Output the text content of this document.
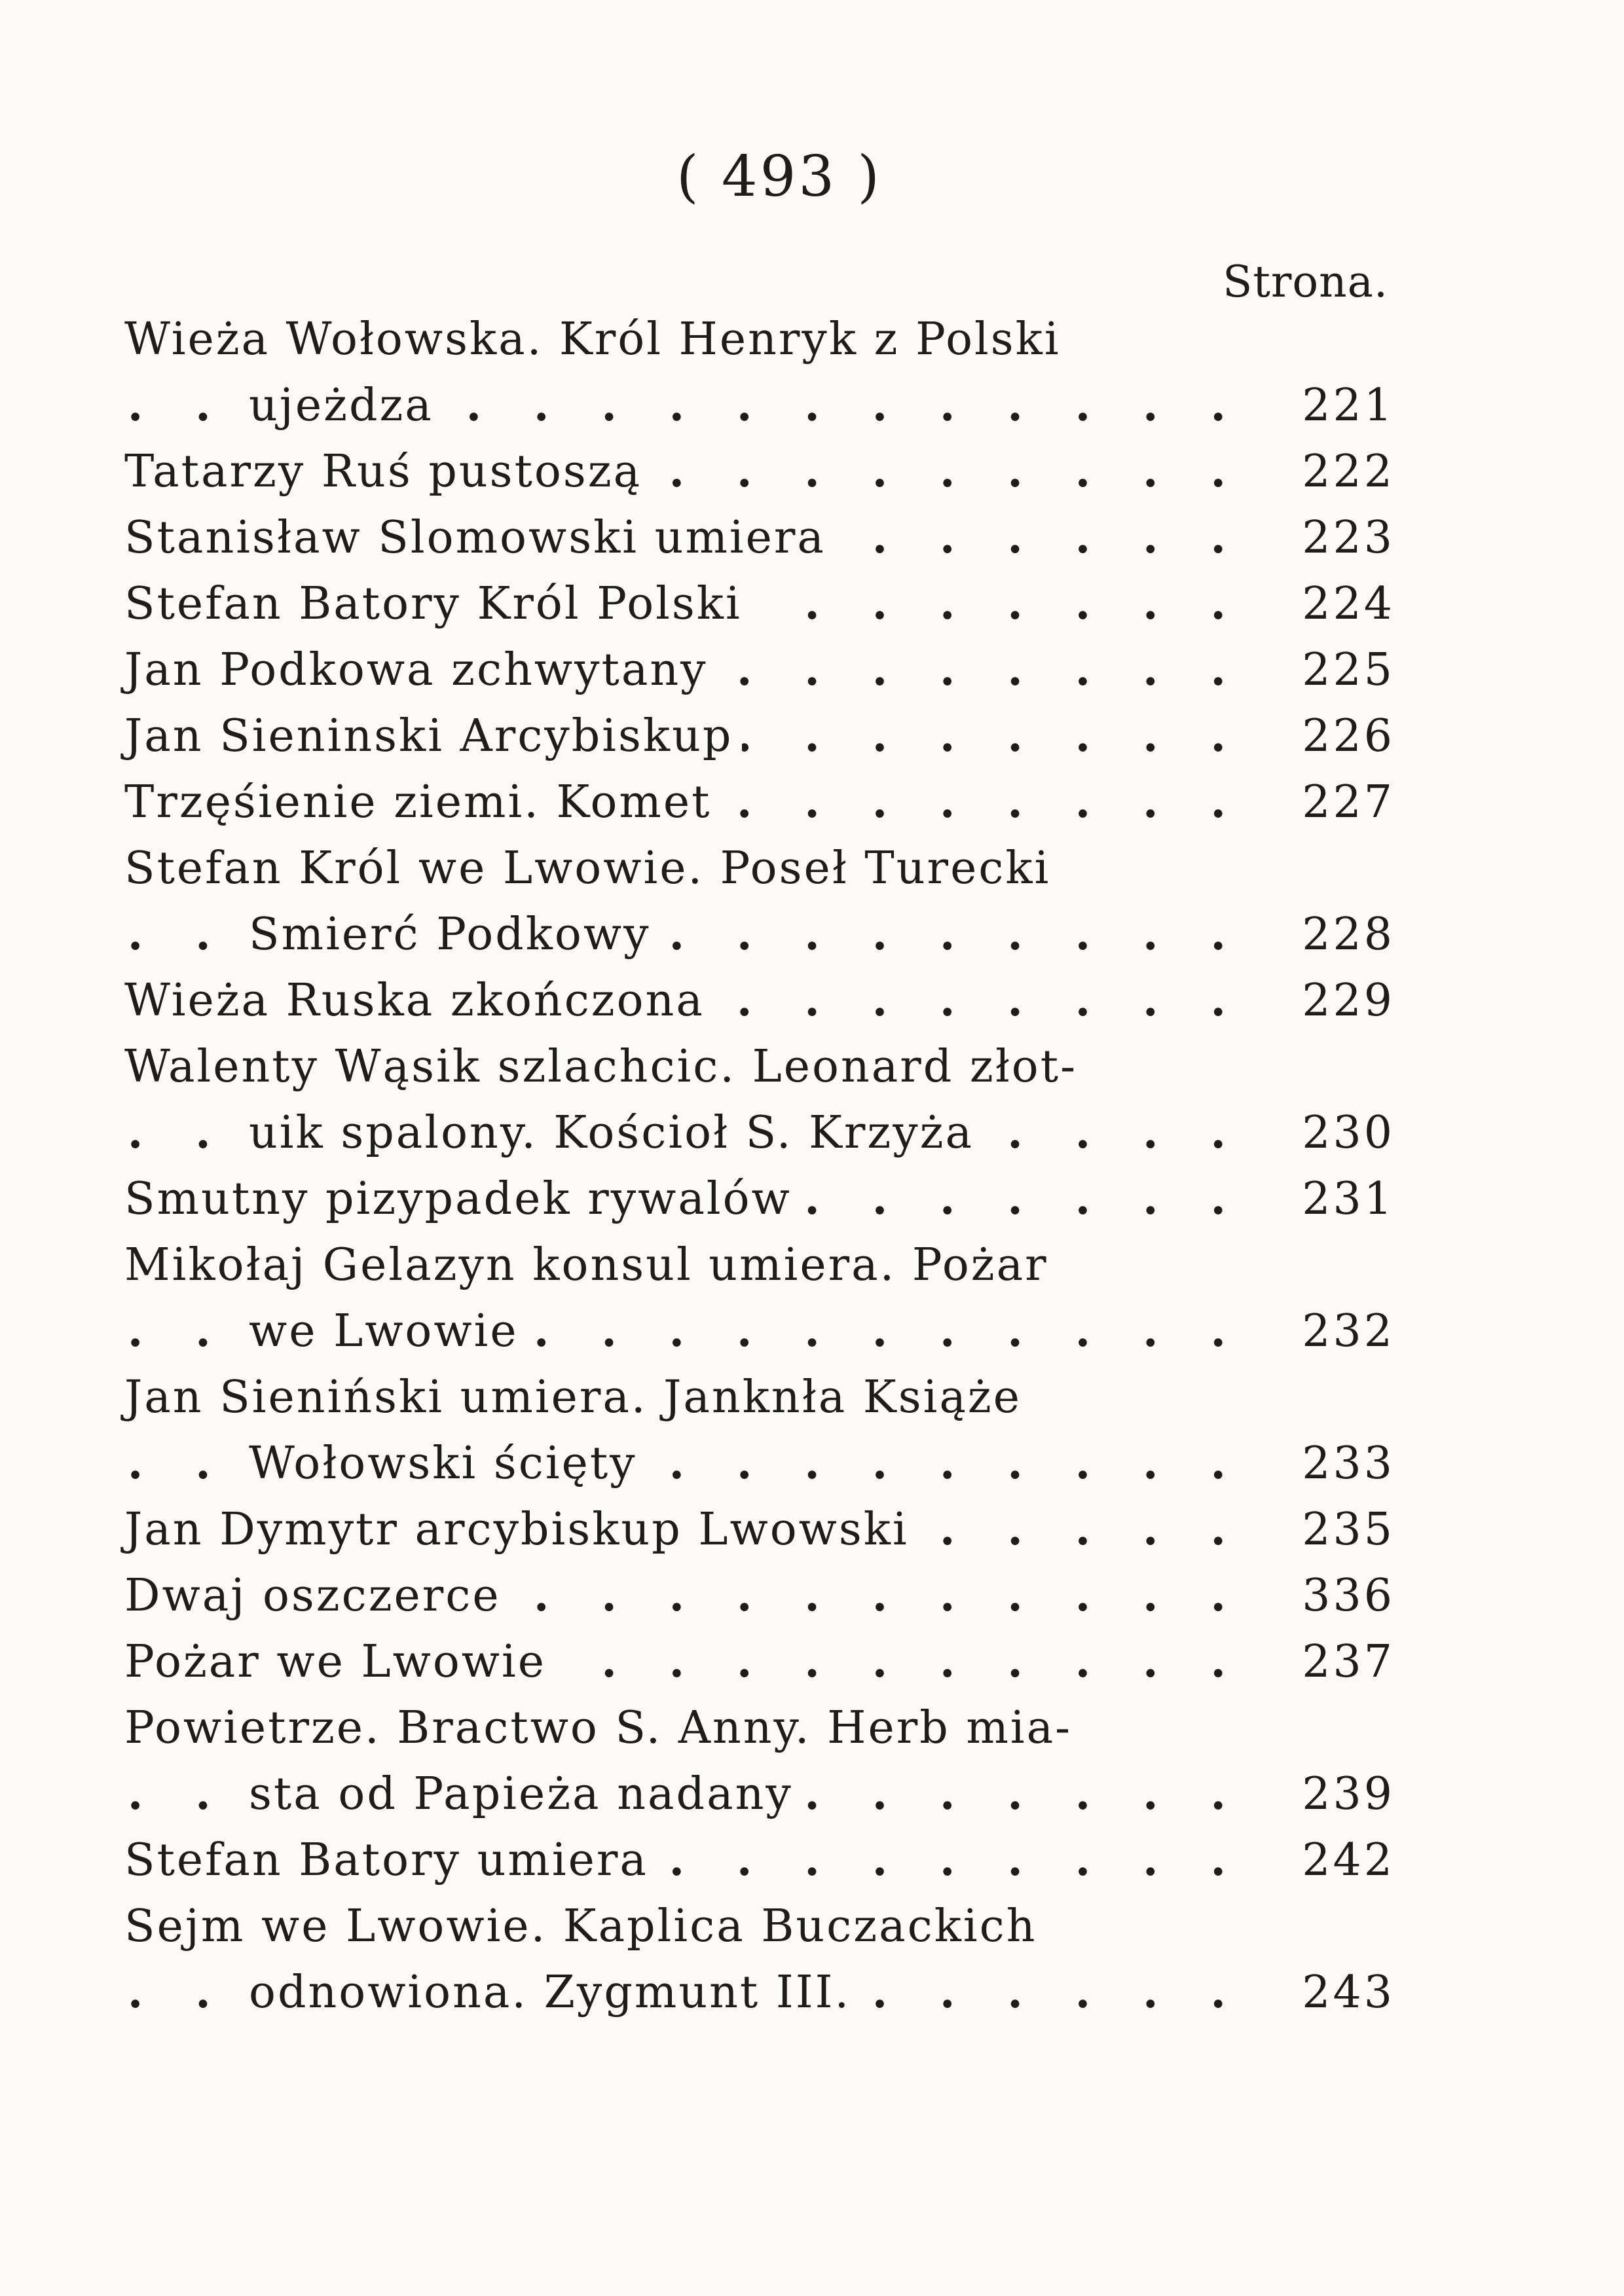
( 493 )
Strona.
Wieża Wołowska. Król Henryk z Polski
. . .
ujeżdza	221
. . .
Tatarzy Ruś pustoszą	222
. . .
Stanisław Slomowski umiera	223
. . .
Stefan Batory Król Polski	224
. . .
Jan Podkowa zchwytany	225
. . .
Jan Sieninski Arcybiskup	226
. . .
Trzęśienie ziemi. Komet	227
Stefan Król we Lwowie. Poseł Turecki
. . .
Smierć Podkowy	228
. . .
Wieża Ruska zkończona	229
Walenty Wąsik szlachcic. Leonard złot-
. . .
uik spalony. Kościoł S. Krzyża	230
. . .
Smutny pizypadek rywalów	231
Mikołaj Gelazyn konsul umiera. Pożar
. . .
we Lwowie	232
Jan Sieniński umiera. Janknła Książe
. . .
Wołowski ścięty	233
. . .
Jan Dymytr arcybiskup Lwowski	235
. . .
Dwaj oszczerce	336
. . .
Pożar we Lwowie	237
Powietrze. Bractwo S. Anny. Herb mia-
. . .
sta od Papieża nadany	239
. . .
Stefan Batory umiera	242
Sejm we Lwowie. Kaplica Buczackich
. . .
odnowiona. Zygmunt III.	243
